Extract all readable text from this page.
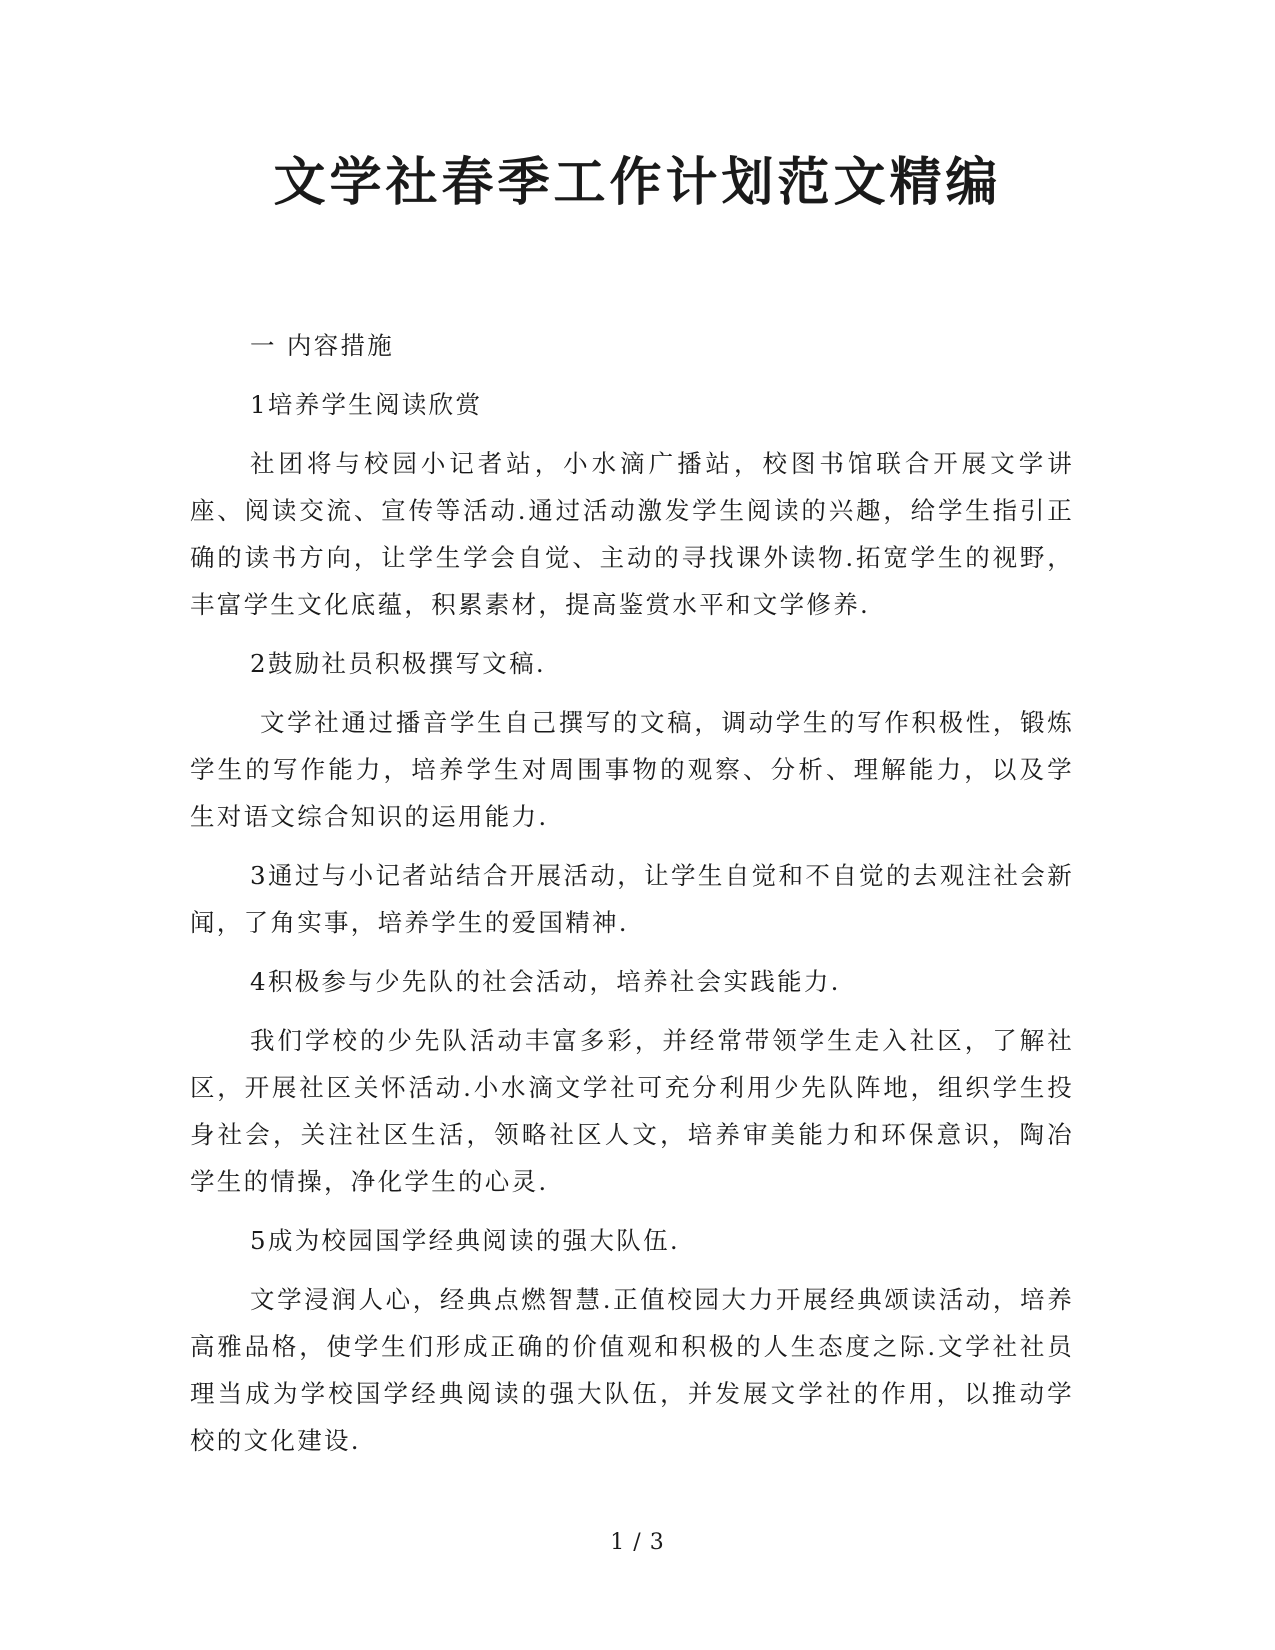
文学社春季工作计划范文精编

一 内容措施

1培养学生阅读欣赏

社团将与校园小记者站，小水滴广播站，校图书馆联合开展文学讲座、阅读交流、宣传等活动.通过活动激发学生阅读的兴趣，给学生指引正确的读书方向，让学生学会自觉、主动的寻找课外读物.拓宽学生的视野，丰富学生文化底蕴，积累素材，提高鉴赏水平和文学修养.

2鼓励社员积极撰写文稿.

文学社通过播音学生自己撰写的文稿，调动学生的写作积极性，锻炼学生的写作能力，培养学生对周围事物的观察、分析、理解能力，以及学生对语文综合知识的运用能力.

3通过与小记者站结合开展活动，让学生自觉和不自觉的去观注社会新闻，了角实事，培养学生的爱国精神.

4积极参与少先队的社会活动，培养社会实践能力.

我们学校的少先队活动丰富多彩，并经常带领学生走入社区，了解社区，开展社区关怀活动.小水滴文学社可充分利用少先队阵地，组织学生投身社会，关注社区生活，领略社区人文，培养审美能力和环保意识，陶冶学生的情操，净化学生的心灵.

5成为校园国学经典阅读的强大队伍.

文学浸润人心，经典点燃智慧.正值校园大力开展经典颂读活动，培养高雅品格，使学生们形成正确的价值观和积极的人生态度之际.文学社社员理当成为学校国学经典阅读的强大队伍，并发展文学社的作用，以推动学校的文化建设.

1 / 3
